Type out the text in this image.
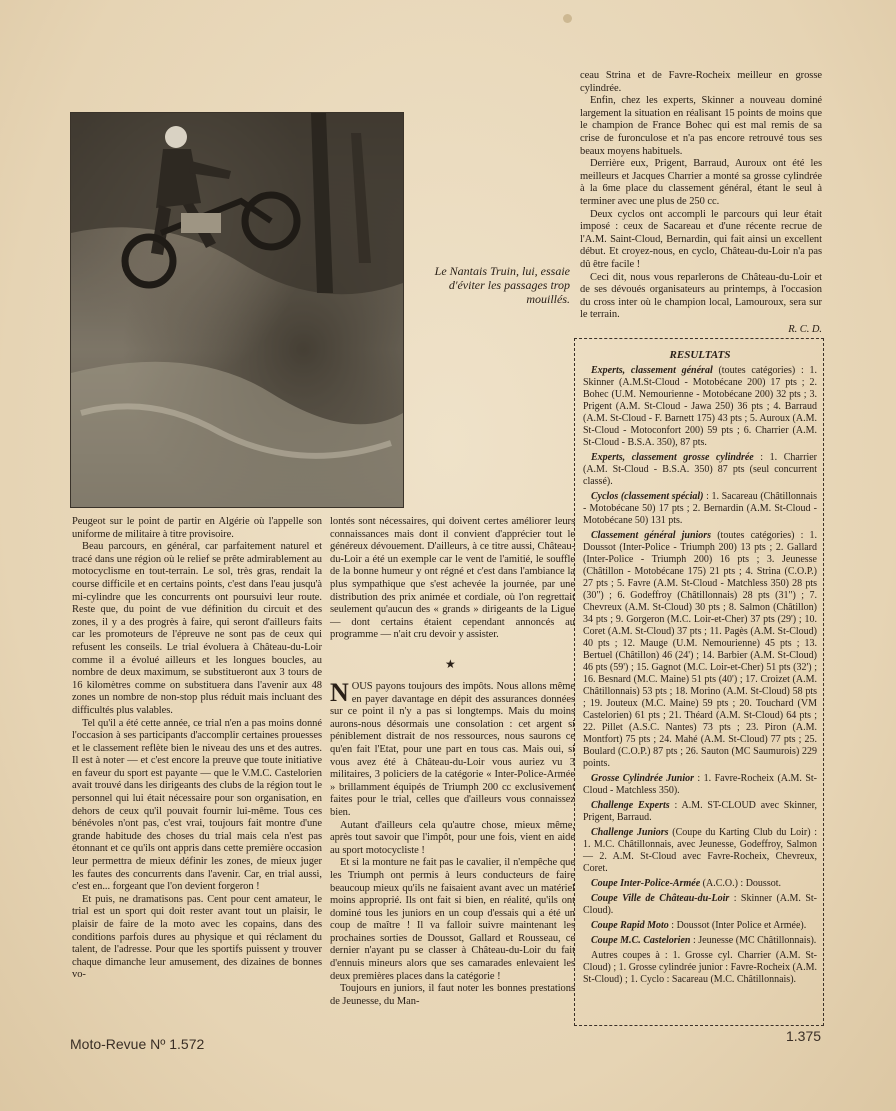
Le Nantais Truin, lui, essaie d'éviter les passages trop mouillés.

ceau Strina et de Favre-Rocheix meilleur en grosse cylindrée.

Enfin, chez les experts, Skinner a nouveau dominé largement la situation en réalisant 15 points de moins que le champion de France Bohec qui est mal remis de sa crise de furonculose et n'a pas encore retrouvé tous ses beaux moyens habituels.

Derrière eux, Prigent, Barraud, Auroux ont été les meilleurs et Jacques Charrier a monté sa grosse cylindrée à la 6me place du classement général, étant le seul à terminer avec une plus de 250 cc.

Deux cyclos ont accompli le parcours qui leur était imposé : ceux de Sacareau et d'une récente recrue de l'A.M. Saint-Cloud, Bernardin, qui fait ainsi un excellent début. Et croyez-nous, en cyclo, Château-du-Loir n'a pas dû être facile !

Ceci dit, nous vous reparlerons de Château-du-Loir et de ses dévoués organisateurs au printemps, à l'occasion du cross inter où le champion local, Lamouroux, sera sur le terrain.

R. C. D.

Peugeot sur le point de partir en Algérie où l'appelle son uniforme de militaire à titre provisoire.

Beau parcours, en général, car parfaitement naturel et tracé dans une région où le relief se prête admirablement au motocyclisme en tout-terrain. Le sol, très gras, rendait la course difficile et en certains points, c'est dans l'eau jusqu'à mi-cylindre que les concurrents ont poursuivi leur route. Reste que, du point de vue définition du circuit et des zones, il y a des progrès à faire, qui seront d'ailleurs faits car les promoteurs de l'épreuve ne sont pas de ceux qui refusent les conseils. Le trial évoluera à Château-du-Loir comme il a évolué ailleurs et les longues boucles, au nombre de deux maximum, se substitueront aux 3 tours de 16 kilomètres comme on substituera dans l'avenir aux 48 zones un nombre de non-stop plus réduit mais incluant des difficultés plus valables.

Tel qu'il a été cette année, ce trial n'en a pas moins donné l'occasion à ses participants d'accomplir certaines prouesses et le classement reflète bien le niveau des uns et des autres. Il est à noter — et c'est encore la preuve que toute initiative en faveur du sport est payante — que le V.M.C. Castelorien avait trouvé dans les dirigeants des clubs de la région tout le personnel qui lui était nécessaire pour son organisation, en dehors de ceux qu'il pouvait fournir lui-même. Tous ces bénévoles n'ont pas, c'est vrai, toujours fait montre d'une grande habitude des choses du trial mais cela n'est pas étonnant et ce qu'ils ont appris dans cette première occasion leur permettra de mieux définir les zones, de mieux juger les fautes des concurrents dans l'avenir. Car, en trial aussi, c'est en... forgeant que l'on devient forgeron !

Et puis, ne dramatisons pas. Cent pour cent amateur, le trial est un sport qui doit rester avant tout un plaisir, le plaisir de faire de la moto avec les copains, dans des conditions parfois dures au physique et qui réclament du talent, de l'adresse. Pour que les sportifs puissent y trouver chaque dimanche leur amusement, des dizaines de bonnes vo-

lontés sont nécessaires, qui doivent certes améliorer leurs connaissances mais dont il convient d'apprécier tout le généreux dévouement. D'ailleurs, à ce titre aussi, Château-du-Loir a été un exemple car le vent de l'amitié, le souffle de la bonne humeur y ont régné et c'est dans l'ambiance la plus sympathique que s'est achevée la journée, par une distribution des prix animée et cordiale, où l'on regrettait seulement qu'aucun des « grands » dirigeants de la Ligue — dont certains étaient cependant annoncés au programme — n'ait cru devoir y assister.

★

NOUS payons toujours des impôts. Nous allons même en payer davantage en dépit des assurances données sur ce point il n'y a pas si longtemps. Mais du moins aurons-nous désormais une consolation : cet argent si péniblement distrait de nos ressources, nous saurons ce qu'en fait l'Etat, pour une part en tous cas. Mais oui, si vous avez été à Château-du-Loir vous auriez vu 3 militaires, 3 policiers de la catégorie « Inter-Police-Armée » brillamment équipés de Triumph 200 cc exclusivement faites pour le trial, celles que d'ailleurs vous connaissez bien.

Autant d'ailleurs cela qu'autre chose, mieux même, après tout savoir que l'impôt, pour une fois, vient en aide au sport motocycliste !

Et si la monture ne fait pas le cavalier, il n'empêche que les Triumph ont permis à leurs conducteurs de faire beaucoup mieux qu'ils ne faisaient avant avec un matériel moins approprié. Ils ont fait si bien, en réalité, qu'ils ont dominé tous les juniors en un coup d'essais qui a été un coup de maître ! Il va falloir suivre maintenant les prochaines sorties de Doussot, Gallard et Rousseau, ce dernier n'ayant pu se classer à Château-du-Loir du fait d'ennuis mineurs alors que ses camarades enlevaient les deux premières places dans la catégorie !

Toujours en juniors, il faut noter les bonnes prestations de Jeunesse, du Man-

RESULTATS

Experts, classement général (toutes catégories) : 1. Skinner (A.M.St-Cloud - Motobécane 200) 17 pts ; 2. Bohec (U.M. Nemourienne - Motobécane 200) 32 pts ; 3. Prigent (A.M. St-Cloud - Jawa 250) 36 pts ; 4. Barraud (A.M. St-Cloud - F. Barnett 175) 43 pts ; 5. Auroux (A.M. St-Cloud - Motoconfort 200) 59 pts ; 6. Charrier (A.M. St-Cloud - B.S.A. 350), 87 pts.

Experts, classement grosse cylindrée : 1. Charrier (A.M. St-Cloud - B.S.A. 350) 87 pts (seul concurrent classé).

Cyclos (classement spécial) : 1. Sacareau (Châtillonnais - Motobécane 50) 17 pts ; 2. Bernardin (A.M. St-Cloud - Motobécane 50) 131 pts.

Classement général juniors (toutes catégories) : 1. Doussot (Inter-Police - Triumph 200) 13 pts ; 2. Gallard (Inter-Police - Triumph 200) 16 pts ; 3. Jeunesse (Châtillon - Motobécane 175) 21 pts ; 4. Strina (C.O.P.) 27 pts ; 5. Favre (A.M. St-Cloud - Matchless 350) 28 pts (30") ; 6. Godeffroy (Châtillonnais) 28 pts (31") ; 7. Chevreux (A.M. St-Cloud) 30 pts ; 8. Salmon (Châtillon) 34 pts ; 9. Gorgeron (M.C. Loir-et-Cher) 37 pts (29') ; 10. Coret (A.M. St-Cloud) 37 pts ; 11. Pagès (A.M. St-Cloud) 40 pts ; 12. Mauge (U.M. Nemourienne) 45 pts ; 13. Bertuel (Châtillon) 46 (24') ; 14. Barbier (A.M. St-Cloud) 46 pts (59') ; 15. Gagnot (M.C. Loir-et-Cher) 51 pts (32') ; 16. Besnard (M.C. Maine) 51 pts (40') ; 17. Croizet (A.M. Châtillonnais) 53 pts ; 18. Morino (A.M. St-Cloud) 58 pts ; 19. Jouteux (M.C. Maine) 59 pts ; 20. Touchard (VM Castelorien) 61 pts ; 21. Théard (A.M. St-Cloud) 64 pts ; 22. Pillet (A.S.C. Nantes) 73 pts ; 23. Piron (A.M. Montfort) 75 pts ; 24. Mahé (A.M. St-Cloud) 77 pts ; 25. Boulard (C.O.P.) 87 pts ; 26. Sauton (MC Saumurois) 229 points.

Grosse Cylindrée Junior : 1. Favre-Rocheix (A.M. St-Cloud - Matchless 350).

Challenge Experts : A.M. ST-CLOUD avec Skinner, Prigent, Barraud.

Challenge Juniors (Coupe du Karting Club du Loir) : 1. M.C. Châtillonnais, avec Jeunesse, Godeffroy, Salmon — 2. A.M. St-Cloud avec Favre-Rocheix, Chevreux, Coret.

Coupe Inter-Police-Armée (A.C.O.) : Doussot.

Coupe Ville de Château-du-Loir : Skinner (A.M. St-Cloud).

Coupe Rapid Moto : Doussot (Inter Police et Armée).

Coupe M.C. Castelorien : Jeunesse (MC Châtillonnais).

Autres coupes à : 1. Grosse cyl. Charrier (A.M. St-Cloud) ; 1. Grosse cylindrée junior : Favre-Rocheix (A.M. St-Cloud) ; 1. Cyclo : Sacareau (M.C. Châtillonnais).

Moto-Revue Nº 1.572	1.375
